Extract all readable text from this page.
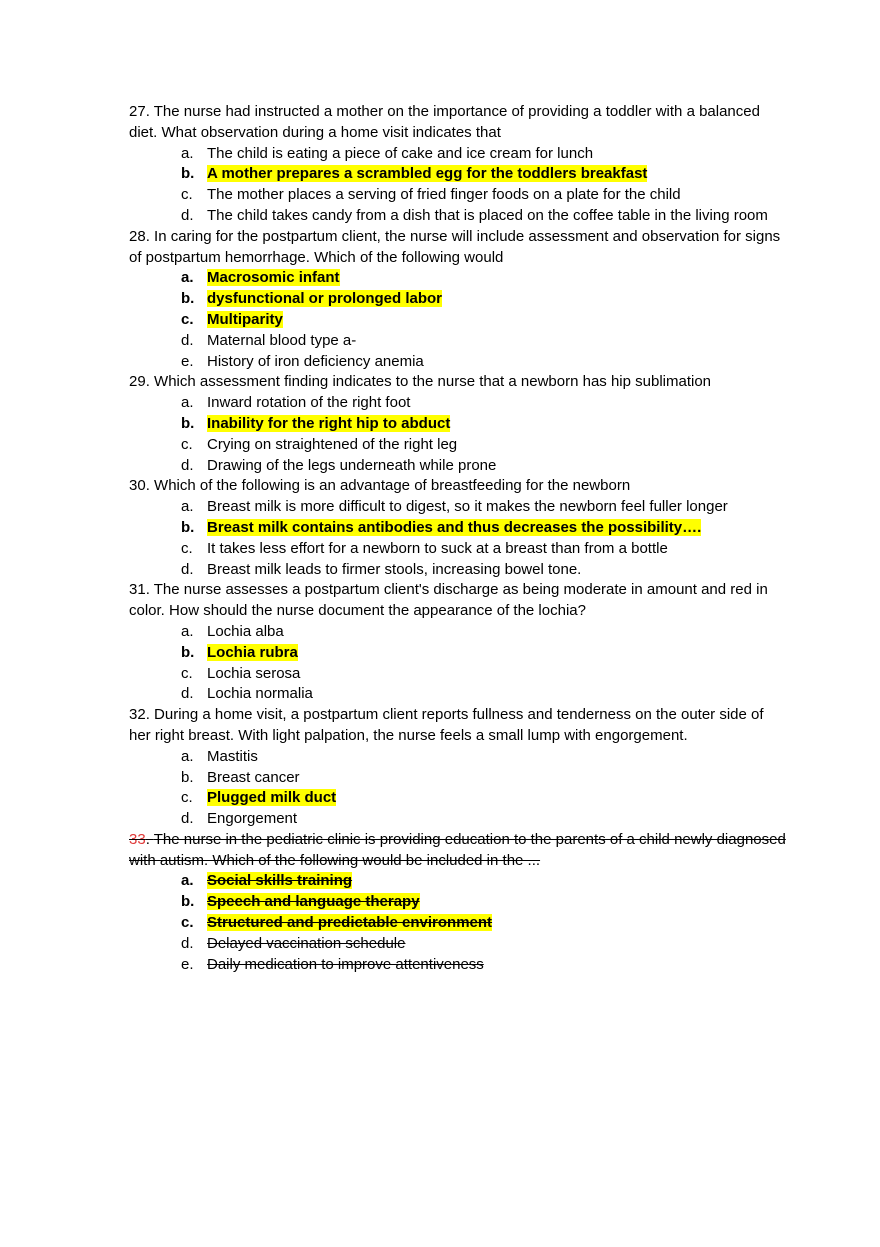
27. The nurse had instructed a mother on the importance of providing a toddler with a balanced diet. What observation during a home visit indicates that

a. The child is eating a piece of cake and ice cream for lunch
b. A mother prepares a scrambled egg for the toddlers breakfast
c. The mother places a serving of fried finger foods on a plate for the child
d. The child takes candy from a dish that is placed on the coffee table in the living room

28. In caring for the postpartum client, the nurse will include assessment and observation for signs of postpartum hemorrhage. Which of the following would

a. Macrosomic infant
b. dysfunctional or prolonged labor
c. Multiparity
d. Maternal blood type a-
e. History of iron deficiency anemia

29. Which assessment finding indicates to the nurse that a newborn has hip sublimation

a. Inward rotation of the right foot
b. Inability for the right hip to abduct
c. Crying on straightened of the right leg
d. Drawing of the legs underneath while prone

30. Which of the following is an advantage of breastfeeding for the newborn

a. Breast milk is more difficult to digest, so it makes the newborn feel fuller longer
b. Breast milk contains antibodies and thus decreases the possibility….
c. It takes less effort for a newborn to suck at a breast than from a bottle
d. Breast milk leads to firmer stools, increasing bowel tone.

31. The nurse assesses a postpartum client's discharge as being moderate in amount and red in color. How should the nurse document the appearance of the lochia?

a. Lochia alba
b. Lochia rubra
c. Lochia serosa
d. Lochia normalia

32. During a home visit, a postpartum client reports fullness and tenderness on the outer side of her right breast. With light palpation, the nurse feels a small lump with engorgement.

a. Mastitis
b. Breast cancer
c. Plugged milk duct
d. Engorgement

33. The nurse in the pediatric clinic is providing education to the parents of a child newly diagnosed with autism. Which of the following would be included in the ...

a. Social skills training
b. Speech and language therapy
c. Structured and predictable environment
d. Delayed vaccination schedule
e. Daily medication to improve attentiveness
